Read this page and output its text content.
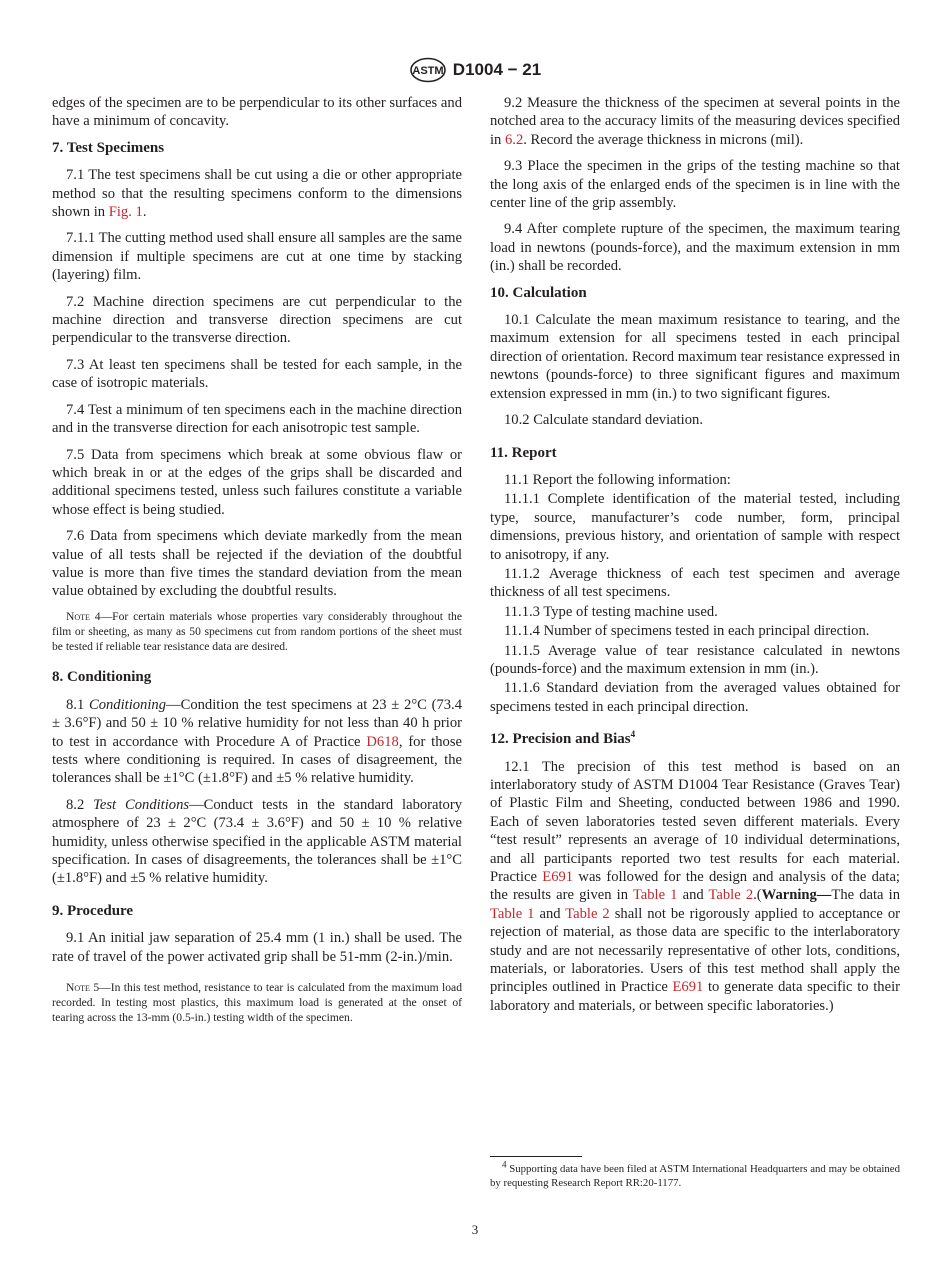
ASTM D1004 − 21

edges of the specimen are to be perpendicular to its other surfaces and have a minimum of concavity.

7. Test Specimens

7.1 The test specimens shall be cut using a die or other appropriate method so that the resulting specimens conform to the dimensions shown in Fig. 1.

7.1.1 The cutting method used shall ensure all samples are the same dimension if multiple specimens are cut at one time by stacking (layering) film.

7.2 Machine direction specimens are cut perpendicular to the machine direction and transverse direction specimens are cut perpendicular to the transverse direction.

7.3 At least ten specimens shall be tested for each sample, in the case of isotropic materials.

7.4 Test a minimum of ten specimens each in the machine direction and in the transverse direction for each anisotropic test sample.

7.5 Data from specimens which break at some obvious flaw or which break in or at the edges of the grips shall be discarded and additional specimens tested, unless such failures constitute a variable whose effect is being studied.

7.6 Data from specimens which deviate markedly from the mean value of all tests shall be rejected if the deviation of the doubtful value is more than five times the standard deviation from the mean value obtained by excluding the doubtful results.

Note 4—For certain materials whose properties vary considerably throughout the film or sheeting, as many as 50 specimens cut from random portions of the sheet must be tested if reliable tear resistance data are desired.

8. Conditioning

8.1 Conditioning—Condition the test specimens at 23 ± 2°C (73.4 ± 3.6°F) and 50 ± 10 % relative humidity for not less than 40 h prior to test in accordance with Procedure A of Practice D618, for those tests where conditioning is required. In cases of disagreement, the tolerances shall be ±1°C (±1.8°F) and ±5 % relative humidity.

8.2 Test Conditions—Conduct tests in the standard laboratory atmosphere of 23 ± 2°C (73.4 ± 3.6°F) and 50 ± 10 % relative humidity, unless otherwise specified in the applicable ASTM material specification. In cases of disagreements, the tolerances shall be ±1°C (±1.8°F) and ±5 % relative humidity.

9. Procedure

9.1 An initial jaw separation of 25.4 mm (1 in.) shall be used. The rate of travel of the power activated grip shall be 51-mm (2-in.)/min.

Note 5—In this test method, resistance to tear is calculated from the maximum load recorded. In testing most plastics, this maximum load is generated at the onset of tearing across the 13-mm (0.5-in.) testing width of the specimen.

9.2 Measure the thickness of the specimen at several points in the notched area to the accuracy limits of the measuring devices specified in 6.2. Record the average thickness in microns (mil).

9.3 Place the specimen in the grips of the testing machine so that the long axis of the enlarged ends of the specimen is in line with the center line of the grip assembly.

9.4 After complete rupture of the specimen, the maximum tearing load in newtons (pounds-force), and the maximum extension in mm (in.) shall be recorded.

10. Calculation

10.1 Calculate the mean maximum resistance to tearing, and the maximum extension for all specimens tested in each principal direction of orientation. Record maximum tear resistance expressed in newtons (pounds-force) to three significant figures and maximum extension expressed in mm (in.) to two significant figures.

10.2 Calculate standard deviation.

11. Report

11.1 Report the following information:

11.1.1 Complete identification of the material tested, including type, source, manufacturer’s code number, form, principal dimensions, previous history, and orientation of sample with respect to anisotropy, if any.

11.1.2 Average thickness of each test specimen and average thickness of all test specimens.

11.1.3 Type of testing machine used.

11.1.4 Number of specimens tested in each principal direction.

11.1.5 Average value of tear resistance calculated in newtons (pounds-force) and the maximum extension in mm (in.).

11.1.6 Standard deviation from the averaged values obtained for specimens tested in each principal direction.

12. Precision and Bias$^4$

12.1 The precision of this test method is based on an interlaboratory study of ASTM D1004 Tear Resistance (Graves Tear) of Plastic Film and Sheeting, conducted between 1986 and 1990. Each of seven laboratories tested seven different materials. Every “test result” represents an average of 10 individual determinations, and all participants reported two test results for each material. Practice E691 was followed for the design and analysis of the data; the results are given in Table 1 and Table 2.(Warning—The data in Table 1 and Table 2 shall not be rigorously applied to acceptance or rejection of material, as those data are specific to the interlaboratory study and are not necessarily representative of other lots, conditions, materials, or laboratories. Users of this test method shall apply the principles outlined in Practice E691 to generate data specific to their laboratory and materials, or between specific laboratories.)

$^4$ Supporting data have been filed at ASTM International Headquarters and may be obtained by requesting Research Report RR:20-1177.
3
